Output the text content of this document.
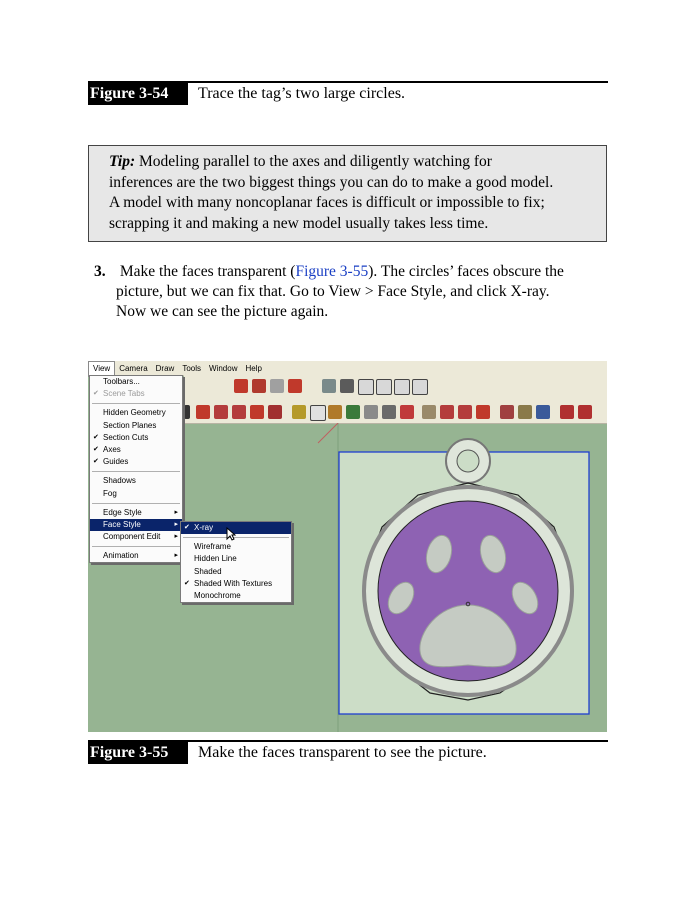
Figure 3-54	Trace the tag’s two large circles.
Tip: Modeling parallel to the axes and diligently watching for
inferences are the two biggest things you can do to make a good model.
A model with many noncoplanar faces is difficult or impossible to fix;
scrapping it and making a new model usually takes less time.
3. Make the faces transparent (Figure 3-55). The circles’ faces obscure the
picture, but we can fix that. Go to View > Face Style, and click X-ray.
Now we can see the picture again.
View Camera Draw Tools Window Help
Toolbars...
✔ Scene Tabs
Hidden Geometry
Section Planes
✔ Section Cuts
✔ Axes
✔ Guides
Shadows
Fog
Edge Style ▸
Face Style ▸
Component Edit ▸
Animation ▸
✔ X-ray
Wireframe
Hidden Line
Shaded
✔ Shaded With Textures
Monochrome
Figure 3-55	Make the faces transparent to see the picture.
